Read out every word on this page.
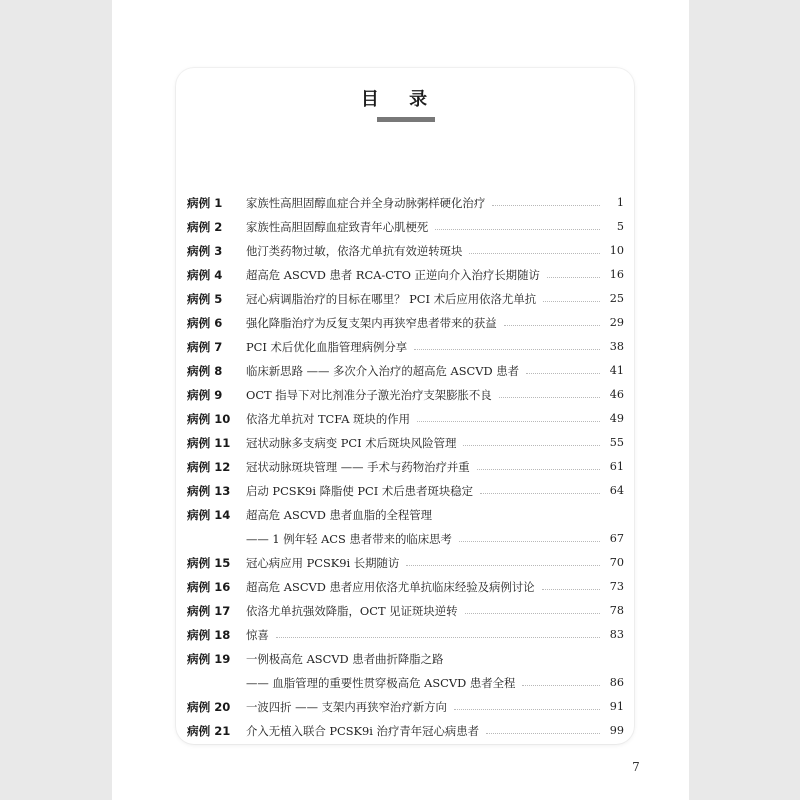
目 录
病例 1	家族性高胆固醇血症合并全身动脉粥样硬化治疗	1
病例 2	家族性高胆固醇血症致青年心肌梗死	5
病例 3	他汀类药物过敏，依洛尤单抗有效逆转斑块	10
病例 4	超高危 ASCVD 患者 RCA-CTO 正逆向介入治疗长期随访	16
病例 5	冠心病调脂治疗的目标在哪里？ PCI 术后应用依洛尤单抗	25
病例 6	强化降脂治疗为反复支架内再狭窄患者带来的获益	29
病例 7	PCI 术后优化血脂管理病例分享	38
病例 8	临床新思路 —— 多次介入治疗的超高危 ASCVD 患者	41
病例 9	OCT 指导下对比剂准分子激光治疗支架膨胀不良	46
病例 10	依洛尤单抗对 TCFA 斑块的作用	49
病例 11	冠状动脉多支病变 PCI 术后斑块风险管理	55
病例 12	冠状动脉斑块管理 —— 手术与药物治疗并重	61
病例 13	启动 PCSK9i 降脂使 PCI 术后患者斑块稳定	64
病例 14	超高危 ASCVD 患者血脂的全程管理
—— 1 例年轻 ACS 患者带来的临床思考	67
病例 15	冠心病应用 PCSK9i 长期随访	70
病例 16	超高危 ASCVD 患者应用依洛尤单抗临床经验及病例讨论	73
病例 17	依洛尤单抗强效降脂，OCT 见证斑块逆转	78
病例 18	惊喜	83
病例 19	一例极高危 ASCVD 患者曲折降脂之路
—— 血脂管理的重要性贯穿极高危 ASCVD 患者全程	86
病例 20	一波四折 —— 支架内再狭窄治疗新方向	91
病例 21	介入无植入联合 PCSK9i 治疗青年冠心病患者	99
7
